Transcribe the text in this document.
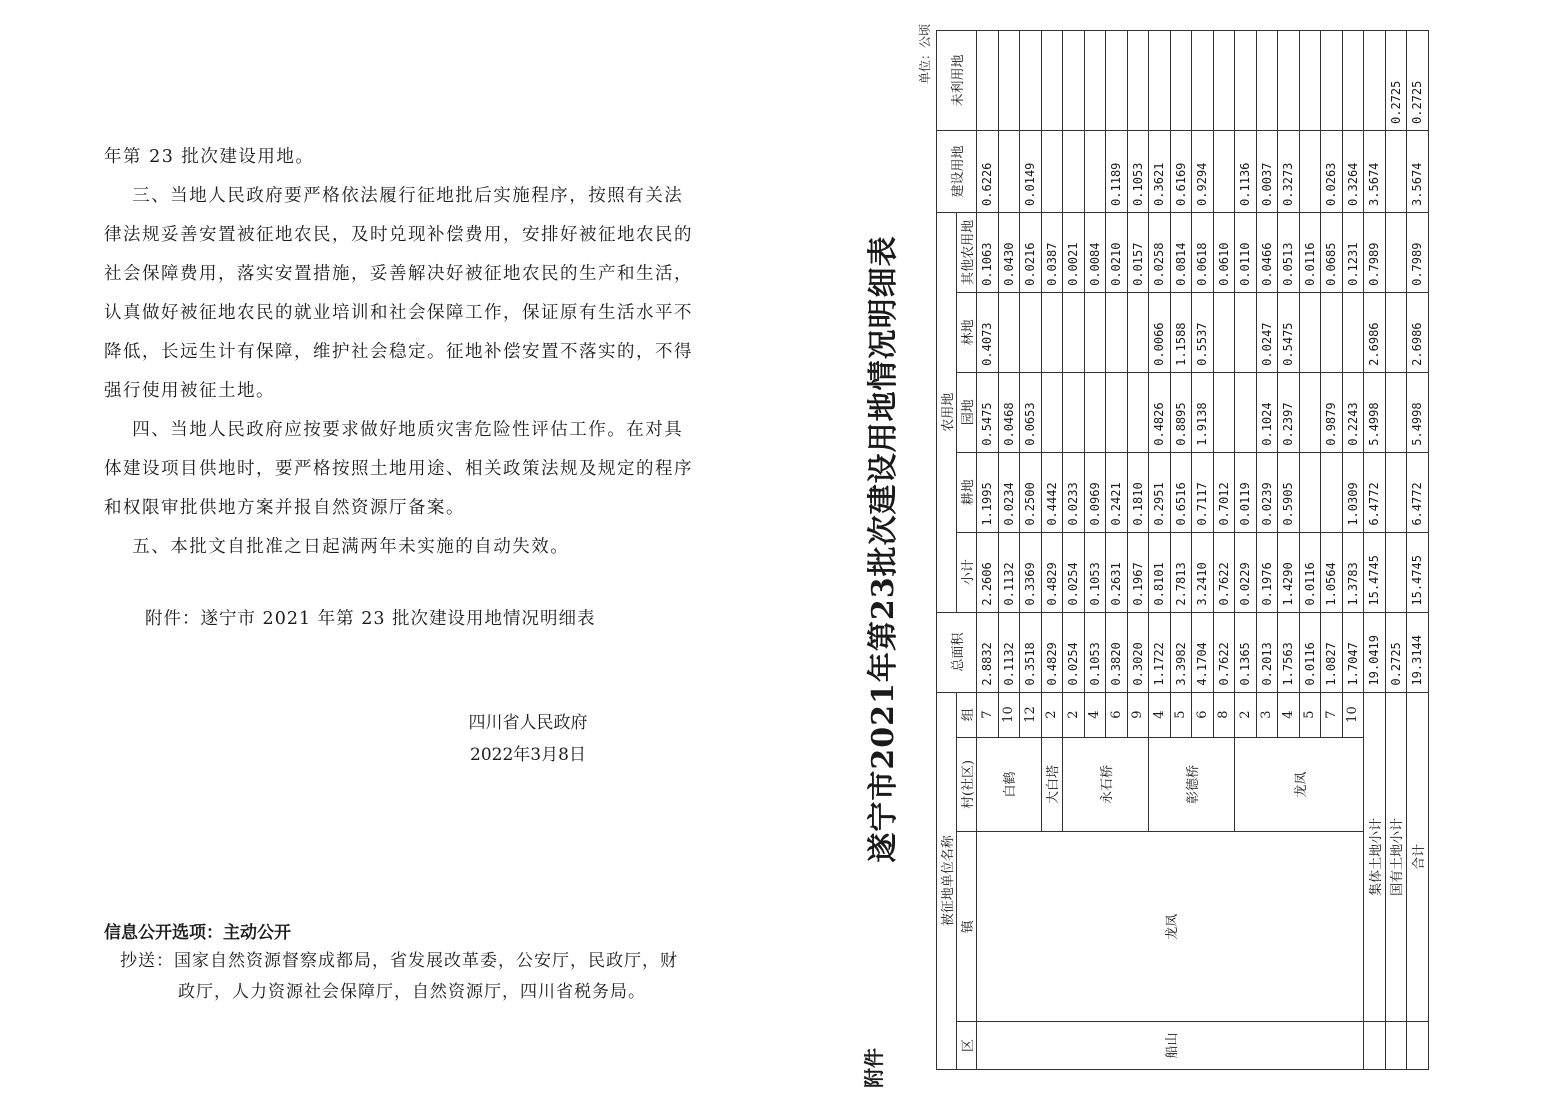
年第 23 批次建设用地。

三、当地人民政府要严格依法履行征地批后实施程序，按照有关法律法规妥善安置被征地农民，及时兑现补偿费用，安排好被征地农民的社会保障费用，落实安置措施，妥善解决好被征地农民的生产和生活，认真做好被征地农民的就业培训和社会保障工作，保证原有生活水平不降低，长远生计有保障，维护社会稳定。征地补偿安置不落实的，不得强行使用被征土地。

四、当地人民政府应按要求做好地质灾害危险性评估工作。在对具体建设项目供地时，要严格按照土地用途、相关政策法规及规定的程序和权限审批供地方案并报自然资源厅备案。

五、本批文自批准之日起满两年未实施的自动失效。

附件：遂宁市 2021 年第 23 批次建设用地情况明细表
四川省人民政府
2022年3月8日
信息公开选项：主动公开
抄送：国家自然资源督察成都局，省发展改革委，公安厅，民政厅，财
政厅，人力资源社会保障厅，自然资源厅，四川省税务局。
附件
遂宁市2021年第23批次建设用地情况明细表
单位：公顷
被征地单位名称				总面积	农用地					建设用地	未利用地
区	镇	村(社区)	组		小计	耕地	园地	林地	其他农用地		

船山	龙凤	白鹤	7	2.8832	2.2606	1.1995	0.5475	0.4073	0.1063	0.6226	
			10	0.1132	0.1132	0.0234	0.0468		0.0430		
			12	0.3518	0.3369	0.2500	0.0653		0.0216	0.0149	
		大白塔	2	0.4829	0.4829	0.4442			0.0387		
		永石桥	2	0.0254	0.0254	0.0233			0.0021		
			4	0.1053	0.1053	0.0969			0.0084		
			6	0.3820	0.2631	0.2421			0.0210	0.1189	
			9	0.3020	0.1967	0.1810			0.0157	0.1053	
		彰德桥	4	1.1722	0.8101	0.2951	0.4826	0.0066	0.0258	0.3621	
			5	3.3982	2.7813	0.6516	0.8895	1.1588	0.0814	0.6169	
			6	4.1704	3.2410	0.7117	1.9138	0.5537	0.0618	0.9294	
			8	0.7622	0.7622	0.7012			0.0610		
		龙凤	2	0.1365	0.0229	0.0119			0.0110	0.1136	
			3	0.2013	0.1976	0.0239	0.1024	0.0247	0.0466	0.0037	
			4	1.7563	1.4290	0.5905	0.2397	0.5475	0.0513	0.3273	
			5	0.0116	0.0116				0.0116		
			7	1.0827	1.0564		0.9879		0.0685	0.0263	
			10	1.7047	1.3783	1.0309	0.2243		0.1231	0.3264	
	集体土地小计			19.0419	15.4745	6.4772	5.4998	2.6986	0.7989	3.5674	
	国有土地小计			0.2725							0.2725
	合计			19.3144	15.4745	6.4772	5.4998	2.6986	0.7989	3.5674	0.2725
